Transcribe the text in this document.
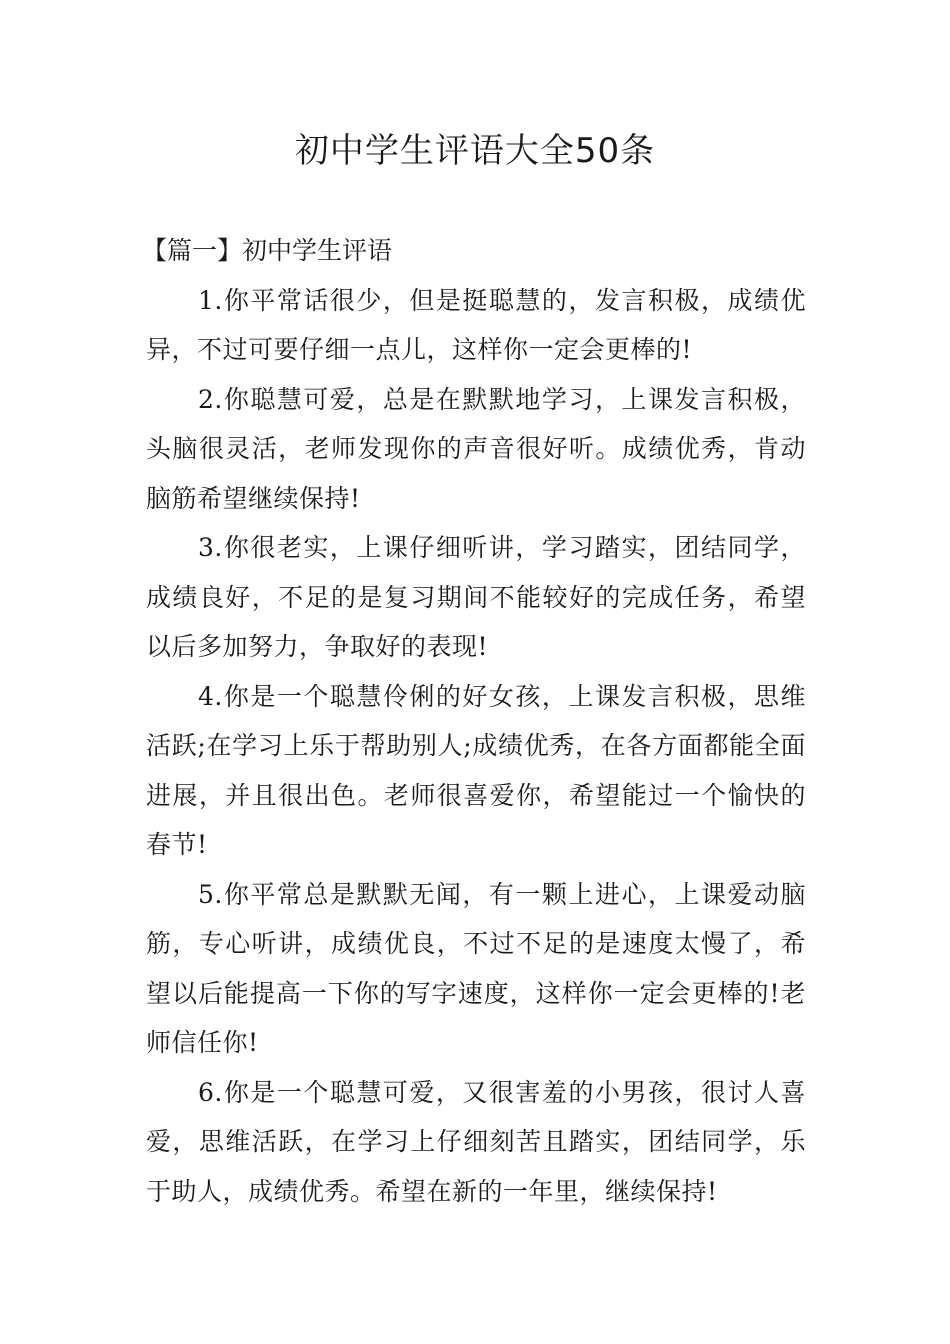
初中学生评语大全50条
【篇一】初中学生评语

1.你平常话很少，但是挺聪慧的，发言积极，成绩优异，不过可要仔细一点儿，这样你一定会更棒的!

2.你聪慧可爱，总是在默默地学习，上课发言积极，头脑很灵活，老师发现你的声音很好听。成绩优秀，肯动脑筋希望继续保持!

3.你很老实，上课仔细听讲，学习踏实，团结同学，成绩良好，不足的是复习期间不能较好的完成任务，希望以后多加努力，争取好的表现!

4.你是一个聪慧伶俐的好女孩，上课发言积极，思维活跃;在学习上乐于帮助别人;成绩优秀，在各方面都能全面进展，并且很出色。老师很喜爱你，希望能过一个愉快的春节!

5.你平常总是默默无闻，有一颗上进心，上课爱动脑筋，专心听讲，成绩优良，不过不足的是速度太慢了，希望以后能提高一下你的写字速度，这样你一定会更棒的!老师信任你!

6.你是一个聪慧可爱，又很害羞的小男孩，很讨人喜爱，思维活跃，在学习上仔细刻苦且踏实，团结同学，乐于助人，成绩优秀。希望在新的一年里，继续保持!
